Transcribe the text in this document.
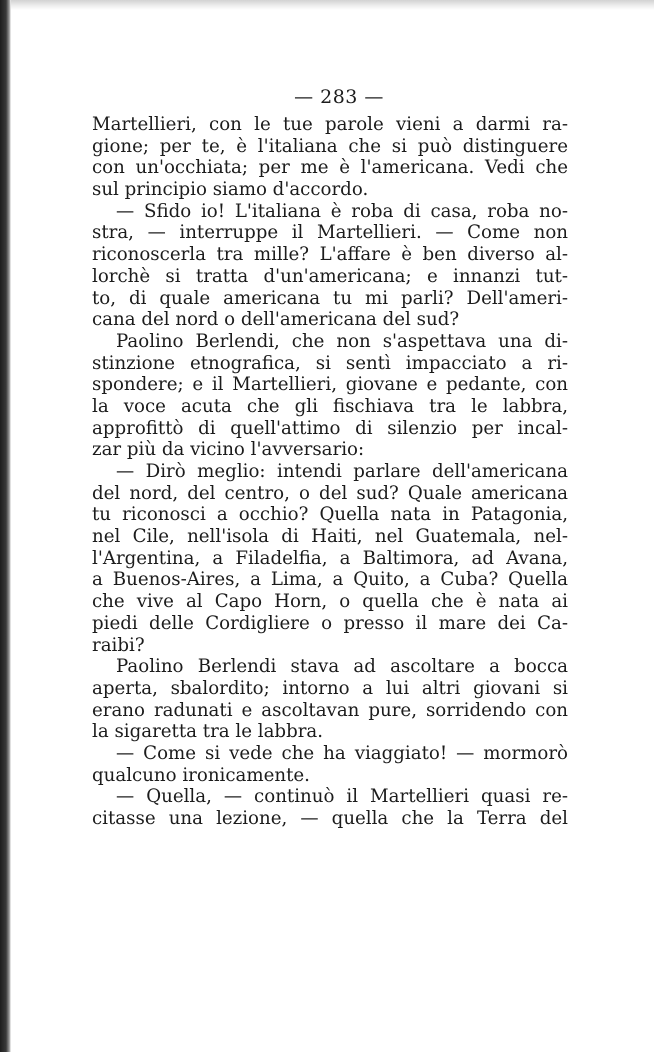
— 283 —
Martellieri, con le tue parole vieni a darmi ra-
gione; per te, è l'italiana che si può distinguere
con un'occhiata; per me è l'americana. Vedi che
sul principio siamo d'accordo.
— Sfido io! L'italiana è roba di casa, roba no-
stra, — interruppe il Martellieri. — Come non
riconoscerla tra mille? L'affare è ben diverso al-
lorchè si tratta d'un'americana; e innanzi tut-
to, di quale americana tu mi parli? Dell'ameri-
cana del nord o dell'americana del sud?
Paolino Berlendi, che non s'aspettava una di-
stinzione etnografica, si sentì impacciato a ri-
spondere; e il Martellieri, giovane e pedante, con
la voce acuta che gli fischiava tra le labbra,
approfittò di quell'attimo di silenzio per incal-
zar più da vicino l'avversario:
— Dirò meglio: intendi parlare dell'americana
del nord, del centro, o del sud? Quale americana
tu riconosci a occhio? Quella nata in Patagonia,
nel Cile, nell'isola di Haiti, nel Guatemala, nel-
l'Argentina, a Filadelfia, a Baltimora, ad Avana,
a Buenos-Aires, a Lima, a Quito, a Cuba? Quella
che vive al Capo Horn, o quella che è nata ai
piedi delle Cordigliere o presso il mare dei Ca-
raibi?
Paolino Berlendi stava ad ascoltare a bocca
aperta, sbalordito; intorno a lui altri giovani si
erano radunati e ascoltavan pure, sorridendo con
la sigaretta tra le labbra.
— Come si vede che ha viaggiato! — mormorò
qualcuno ironicamente.
— Quella, — continuò il Martellieri quasi re-
citasse una lezione, — quella che la Terra del
